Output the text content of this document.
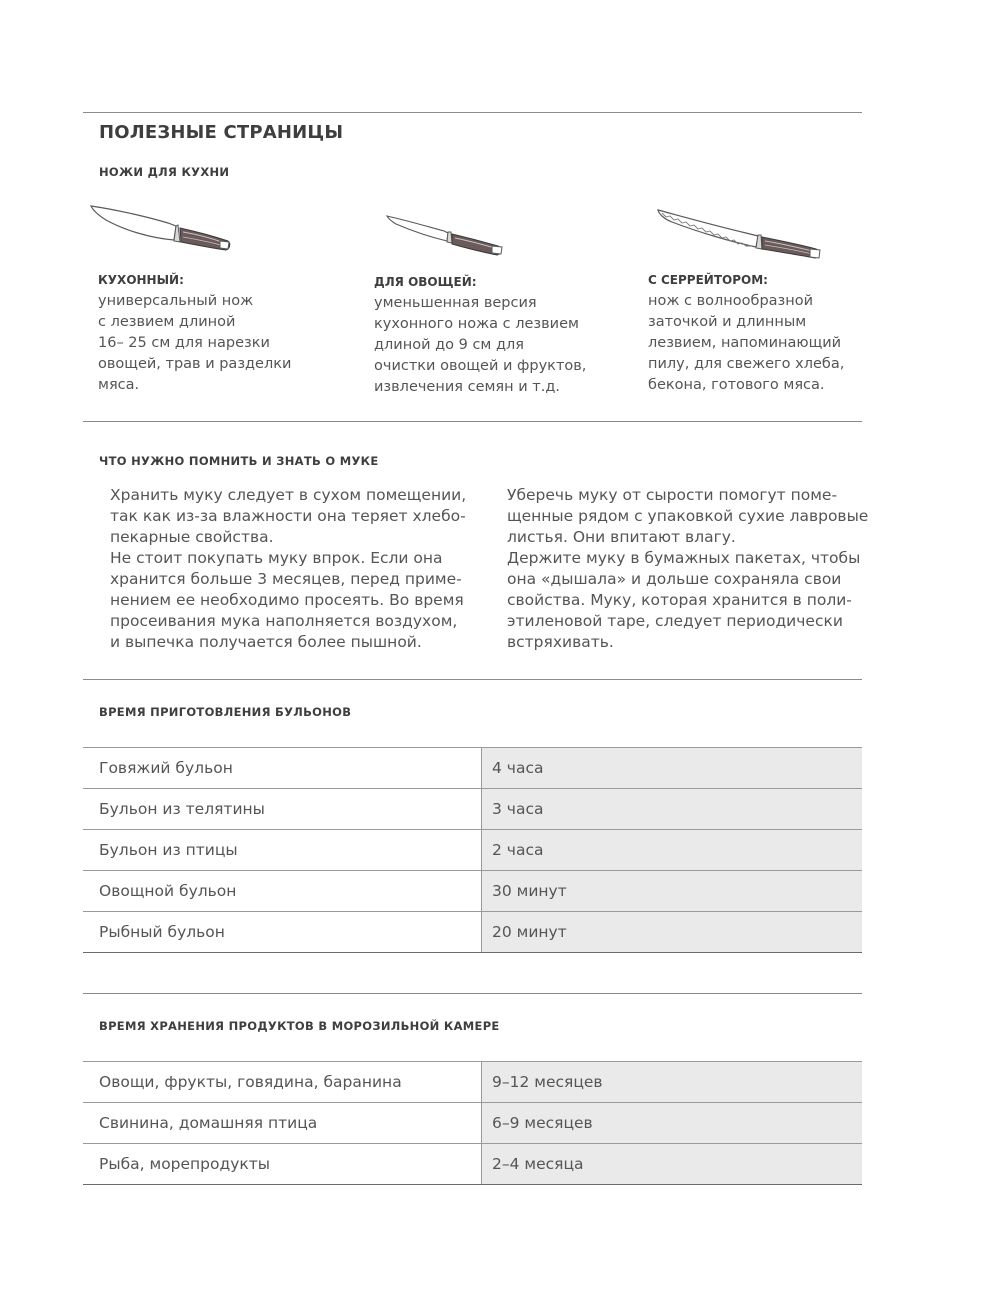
ПОЛЕЗНЫЕ СТРАНИЦЫ
НОЖИ ДЛЯ КУХНИ
КУХОННЫЙ:
универсальный нож
с лезвием длиной
16– 25 см для нарезки
овощей, трав и разделки
мяса.
ДЛЯ ОВОЩЕЙ:
уменьшенная версия
кухонного ножа с лезвием
длиной до 9 см для
очистки овощей и фруктов,
извлечения семян и т.д.
С СЕРРЕЙТОРОМ:
нож с волнообразной
заточкой и длинным
лезвием, напоминающий
пилу, для свежего хлеба,
бекона, готового мяса.
ЧТО НУЖНО ПОМНИТЬ И ЗНАТЬ О МУКЕ
Хранить муку следует в сухом помещении,
так как из-за влажности она теряет хлебо-
пекарные свойства.
Не стоит покупать муку впрок. Если она
хранится больше 3 месяцев, перед приме-
нением ее необходимо просеять. Во время
просеивания мука наполняется воздухом,
и выпечка получается более пышной.
Уберечь муку от сырости помогут поме-
щенные рядом с упаковкой сухие лавровые
листья. Они впитают влагу.
Держите муку в бумажных пакетах, чтобы
она «дышала» и дольше сохраняла свои
свойства. Муку, которая хранится в поли-
этиленовой таре, следует периодически
встряхивать.
ВРЕМЯ ПРИГОТОВЛЕНИЯ БУЛЬОНОВ
Говяжий бульон	4 часа
Бульон из телятины	3 часа
Бульон из птицы	2 часа
Овощной бульон	30 минут
Рыбный бульон	20 минут
ВРЕМЯ ХРАНЕНИЯ ПРОДУКТОВ В МОРОЗИЛЬНОЙ КАМЕРЕ
Овощи, фрукты, говядина, баранина	9–12 месяцев
Свинина, домашняя птица	6–9 месяцев
Рыба, морепродукты	2–4 месяца
